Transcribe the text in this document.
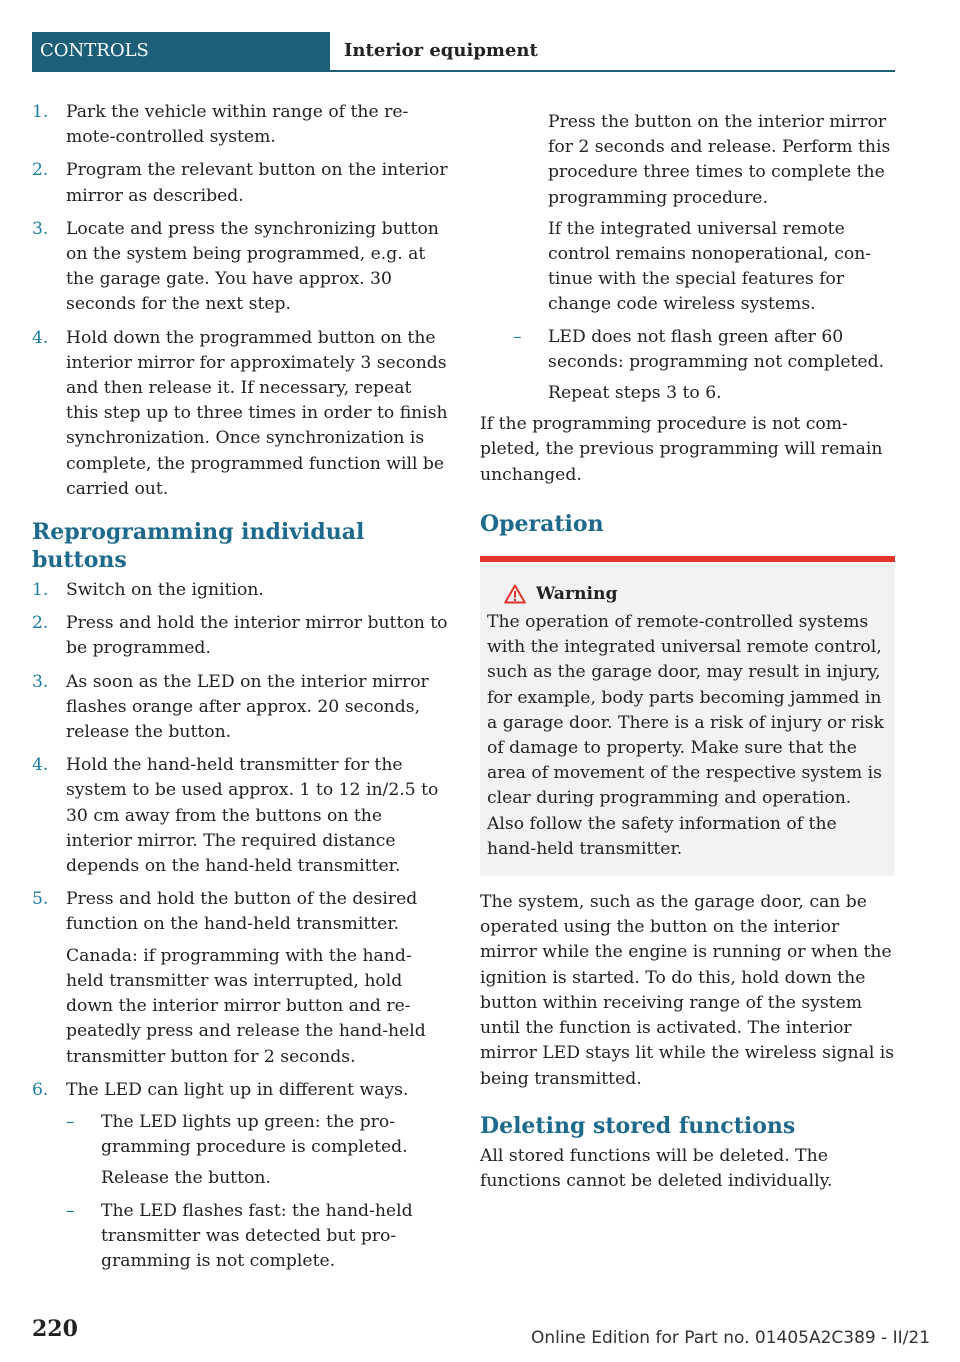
CONTROLS	Interior equipment
1. Park the vehicle within range of the remote-controlled system.
2. Program the relevant button on the interior mirror as described.
3. Locate and press the synchronizing button on the system being programmed, e.g. at the garage gate. You have approx. 30 seconds for the next step.
4. Hold down the programmed button on the interior mirror for approximately 3 seconds and then release it. If necessary, repeat this step up to three times in order to finish synchronization. Once synchronization is complete, the programmed function will be carried out.
Reprogramming individual buttons
1. Switch on the ignition.
2. Press and hold the interior mirror button to be programmed.
3. As soon as the LED on the interior mirror flashes orange after approx. 20 seconds, release the button.
4. Hold the hand-held transmitter for the system to be used approx. 1 to 12 in/2.5 to 30 cm away from the buttons on the interior mirror. The required distance depends on the hand-held transmitter.
5. Press and hold the button of the desired function on the hand-held transmitter.
Canada: if programming with the hand-held transmitter was interrupted, hold down the interior mirror button and repeatedly press and release the hand-held transmitter button for 2 seconds.
6. The LED can light up in different ways.
– The LED lights up green: the programming procedure is completed.
Release the button.
– The LED flashes fast: the hand-held transmitter was detected but programming is not complete.
Press the button on the interior mirror for 2 seconds and release. Perform this procedure three times to complete the programming procedure.
If the integrated universal remote control remains nonoperational, continue with the special features for change code wireless systems.
– LED does not flash green after 60 seconds: programming not completed.
Repeat steps 3 to 6.

If the programming procedure is not completed, the previous programming will remain unchanged.

Operation
Warning
The operation of remote-controlled systems with the integrated universal remote control, such as the garage door, may result in injury, for example, body parts becoming jammed in a garage door. There is a risk of injury or risk of damage to property. Make sure that the area of movement of the respective system is clear during programming and operation. Also follow the safety information of the hand-held transmitter.

The system, such as the garage door, can be operated using the button on the interior mirror while the engine is running or when the ignition is started. To do this, hold down the button within receiving range of the system until the function is activated. The interior mirror LED stays lit while the wireless signal is being transmitted.

Deleting stored functions

All stored functions will be deleted. The functions cannot be deleted individually.

220	Online Edition for Part no. 01405A2C389 - II/21
